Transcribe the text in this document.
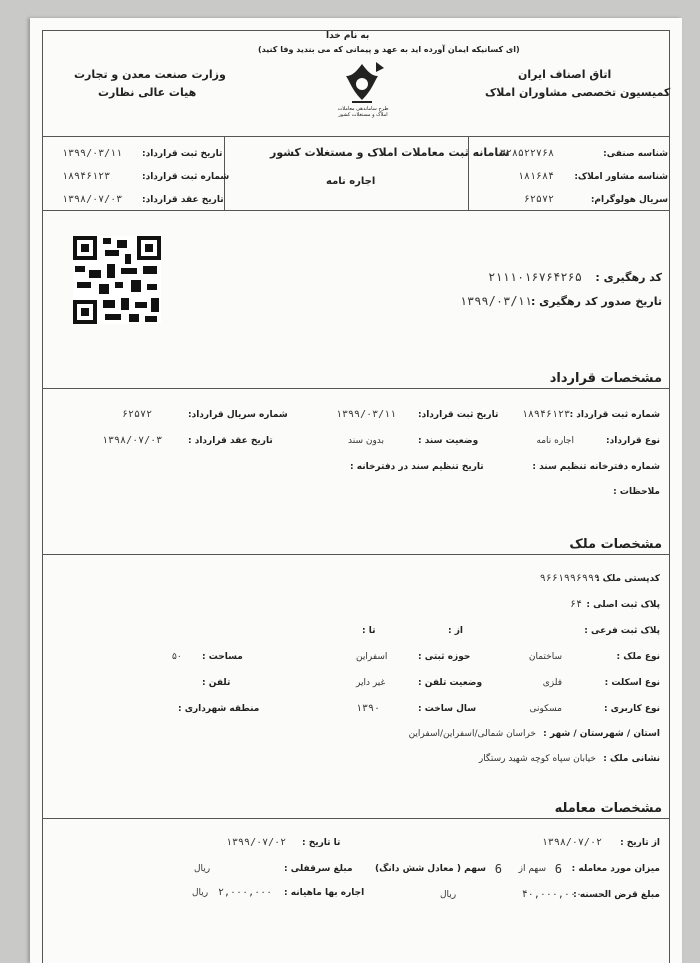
به نام خدا
(ای کسانیکه ایمان آورده اید به عهد و پیمانی که می بندید وفا کنید)
اتاق اصناف ایران
کمیسیون تخصصی مشاوران املاک
وزارت صنعت معدن و تجارت
هیات عالی نظارت
طرح ساماندهی معاملات املاک و مستغلات کشور
سامانه ثبت معاملات املاک و مستغلات کشور
اجاره نامه
شناسه صنفی:
۰۳۲۸۵۲۲۷۶۸
شناسه مشاور املاک:
۱۸۱۶۸۴
سریال هولوگرام:
۶۲۵۷۲
تاریخ ثبت قرارداد:
۱۳۹۹/۰۳/۱۱
شماره ثبت قرارداد:
۱۸۹۴۶۱۲۳
تاریخ عقد قرارداد:
۱۳۹۸/۰۷/۰۳
کد رهگیری :
۲۱۱۱۰۱۶۷۶۴۲۶۵
تاریخ صدور کد رهگیری :
۱۳۹۹/۰۳/۱۱
مشخصات قرارداد
شماره ثبت قرارداد :
۱۸۹۴۶۱۲۳
تاریخ ثبت قرارداد:
۱۳۹۹/۰۳/۱۱
شماره سریال قرارداد:
۶۲۵۷۲
نوع قرارداد:
اجاره نامه
وضعیت سند :
بدون سند
تاریخ عقد قرارداد :
۱۳۹۸/۰۷/۰۳
شماره دفترخانه تنظیم سند :
تاریخ تنظیم سند در دفترخانه :
ملاحظات :
مشخصات ملک
کدپستی ملک :
۹۶۶۱۹۹۶۹۹۹
پلاک ثبت اصلی :
۶۴
پلاک ثبت فرعی :
از :
تا :
نوع ملک :
ساختمان
حوزه ثبتی :
اسفراین
مساحت :
۵۰
نوع اسکلت :
فلزی
وضعیت تلفن :
غیر دایر
تلفن :
نوع کاربری :
مسکونی
سال ساخت :
۱۳۹۰
منطقه شهرداری :
استان / شهرستان / شهر :
خراسان شمالی/اسفراین/اسفراین
نشانی ملک :
خیابان سپاه کوچه شهید رستگار
مشخصات معامله
از تاریخ :
۱۳۹۸/۰۷/۰۲
تا تاریخ :
۱۳۹۹/۰۷/۰۲
میزان مورد معامله :
6
سهم از
6
سهم ( معادل شش دانگ)
مبلغ سرقفلی :
ریال
مبلغ قرض الحسنه :
۴۰,۰۰۰,۰۰۰
ریال
اجاره بها ماهیانه :
۲,۰۰۰,۰۰۰
ریال
